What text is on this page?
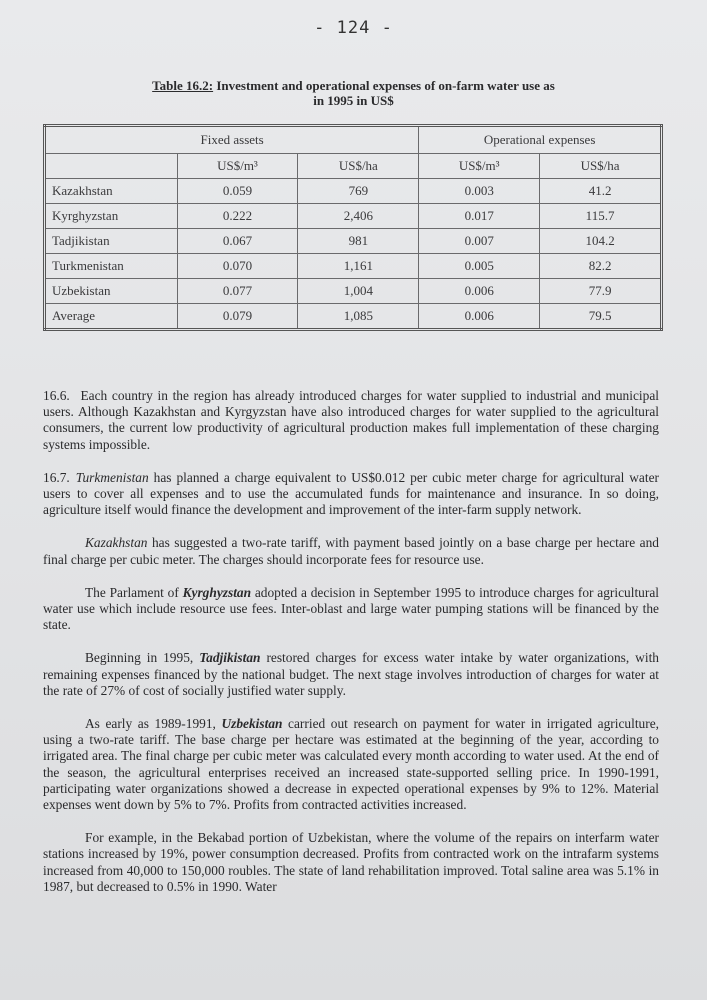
- 124 -
Table 16.2: Investment and operational expenses of on-farm water use as
in 1995 in US$
Fixed assets			Operational expenses	
	US$/m³	US$/ha	US$/m³	US$/ha
Kazakhstan	0.059	769	0.003	41.2
Kyrghyzstan	0.222	2,406	0.017	115.7
Tadjikistan	0.067	981	0.007	104.2
Turkmenistan	0.070	1,161	0.005	82.2
Uzbekistan	0.077	1,004	0.006	77.9
Average	0.079	1,085	0.006	79.5

16.6. Each country in the region has already introduced charges for water supplied to industrial and municipal users. Although Kazakhstan and Kyrgyzstan have also introduced charges for water supplied to the agricultural consumers, the current low productivity of agricultural production makes full implementation of these charging systems impossible.

16.7. Turkmenistan has planned a charge equivalent to US$0.012 per cubic meter charge for agricultural water users to cover all expenses and to use the accumulated funds for maintenance and insurance. In so doing, agriculture itself would finance the development and improvement of the inter-farm supply network.

Kazakhstan has suggested a two-rate tariff, with payment based jointly on a base charge per hectare and final charge per cubic meter. The charges should incorporate fees for resource use.

The Parlament of Kyrghyzstan adopted a decision in September 1995 to introduce charges for agricultural water use which include resource use fees. Inter-oblast and large water pumping stations will be financed by the state.

Beginning in 1995, Tadjikistan restored charges for excess water intake by water organizations, with remaining expenses financed by the national budget. The next stage involves introduction of charges for water at the rate of 27% of cost of socially justified water supply.

As early as 1989-1991, Uzbekistan carried out research on payment for water in irrigated agriculture, using a two-rate tariff. The base charge per hectare was estimated at the beginning of the year, according to irrigated area. The final charge per cubic meter was calculated every month according to water used. At the end of the season, the agricultural enterprises received an increased state-supported selling price. In 1990-1991, participating water organizations showed a decrease in expected operational expenses by 9% to 12%. Material expenses went down by 5% to 7%. Profits from contracted activities increased.

For example, in the Bekabad portion of Uzbekistan, where the volume of the repairs on interfarm water stations increased by 19%, power consumption decreased. Profits from contracted work on the intrafarm systems increased from 40,000 to 150,000 roubles. The state of land rehabilitation improved. Total saline area was 5.1% in 1987, but decreased to 0.5% in 1990. Water
